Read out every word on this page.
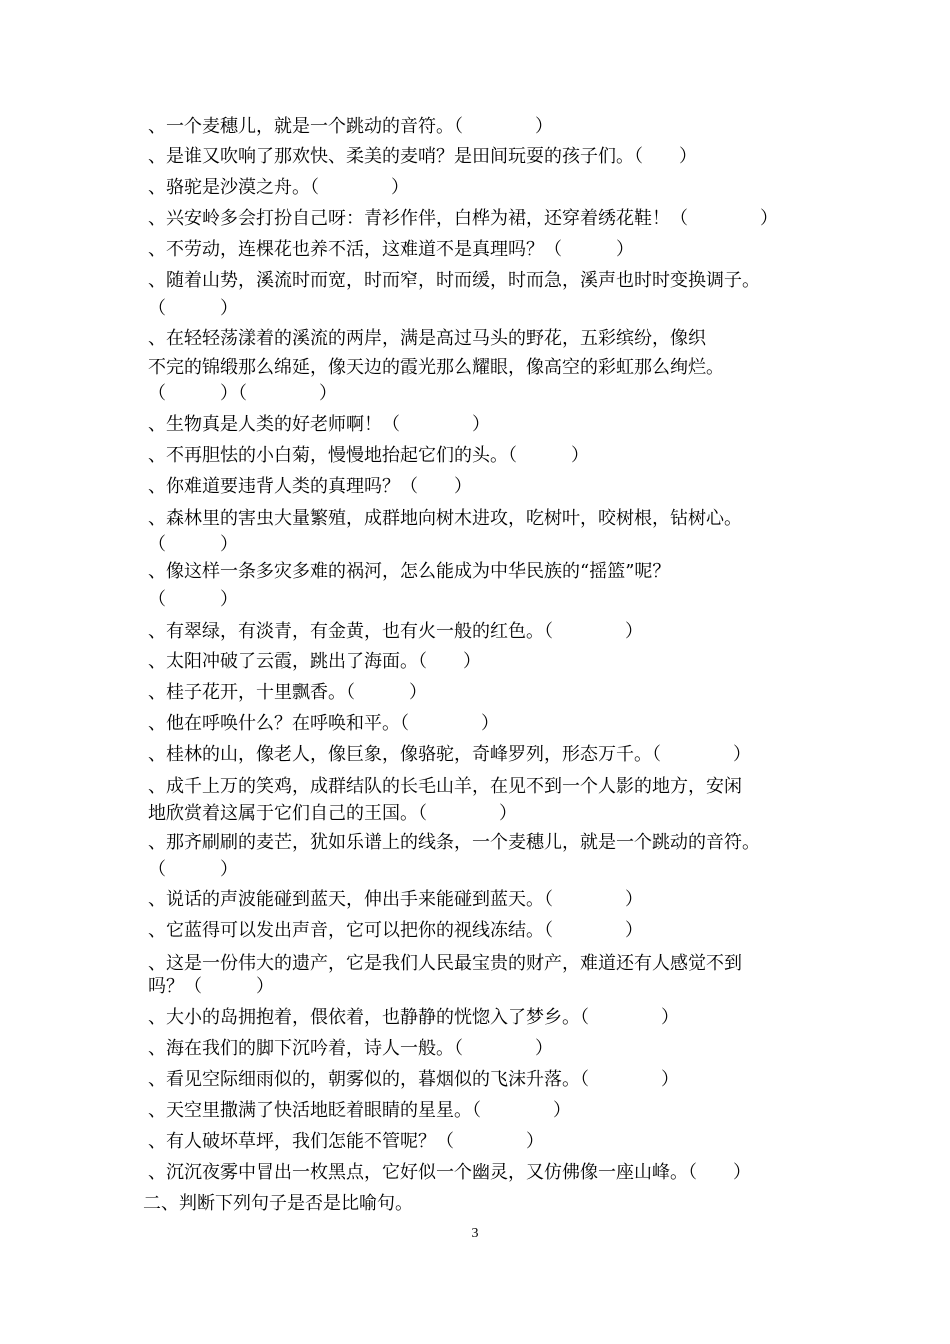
、一个麦穗儿，就是一个跳动的音符。（　　　　）
、是谁又吹响了那欢快、柔美的麦哨？是田间玩耍的孩子们。（　　）
、骆驼是沙漠之舟。（　　　　）
、兴安岭多会打扮自己呀：青衫作伴，白桦为裙，还穿着绣花鞋！（　　　　）
、不劳动，连棵花也养不活，这难道不是真理吗？（　　　）
、随着山势，溪流时而宽，时而窄，时而缓，时而急，溪声也时时变换调子。
（　　　）
、在轻轻荡漾着的溪流的两岸，满是高过马头的野花，五彩缤纷，像织
不完的锦缎那么绵延，像天边的霞光那么耀眼，像高空的彩虹那么绚烂。
（　　　）（　　　　）
、生物真是人类的好老师啊！（　　　　）
、不再胆怯的小白菊，慢慢地抬起它们的头。（　　　）
、你难道要违背人类的真理吗？（　　）
、森林里的害虫大量繁殖，成群地向树木进攻，吃树叶，咬树根，钻树心。
（　　　）
、像这样一条多灾多难的祸河，怎么能成为中华民族的“摇篮”呢？
（　　　）
、有翠绿，有淡青，有金黄，也有火一般的红色。（　　　　）
、太阳冲破了云霞，跳出了海面。（　　）
、桂子花开，十里飘香。（　　　）
、他在呼唤什么？在呼唤和平。（　　　　）
、桂林的山，像老人，像巨象，像骆驼，奇峰罗列，形态万千。（　　　　）
、成千上万的笑鸡，成群结队的长毛山羊，在见不到一个人影的地方，安闲
地欣赏着这属于它们自己的王国。（　　　　）
、那齐刷刷的麦芒，犹如乐谱上的线条，一个麦穗儿，就是一个跳动的音符。
（　　　）
、说话的声波能碰到蓝天，伸出手来能碰到蓝天。（　　　　）
、它蓝得可以发出声音，它可以把你的视线冻结。（　　　　）
、这是一份伟大的遗产，它是我们人民最宝贵的财产，难道还有人感觉不到
吗？（　　　）
、大小的岛拥抱着，偎依着，也静静的恍惚入了梦乡。（　　　　）
、海在我们的脚下沉吟着，诗人一般。（　　　　）
、看见空际细雨似的，朝雾似的，暮烟似的飞沫升落。（　　　　）
、天空里撒满了快活地眨着眼睛的星星。（　　　　）
、有人破坏草坪，我们怎能不管呢？（　　　　）
、沉沉夜雾中冒出一枚黑点，它好似一个幽灵，又仿佛像一座山峰。（　　）
二、判断下列句子是否是比喻句。
3
